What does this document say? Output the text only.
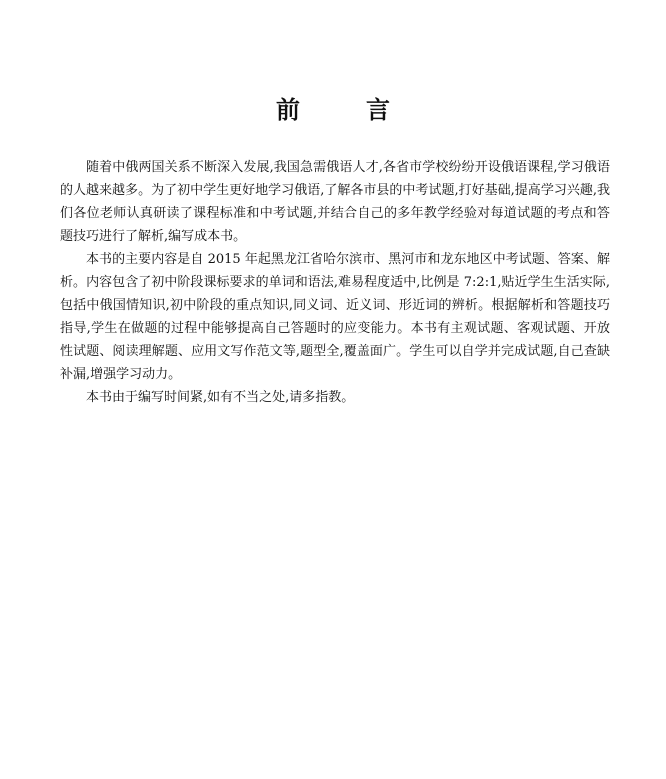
前	言

随着中俄两国关系不断深入发展,我国急需俄语人才,各省市学校纷纷开设俄语课程,学习俄语的人越来越多。为了初中学生更好地学习俄语,了解各市县的中考试题,打好基础,提高学习兴趣,我们各位老师认真研读了课程标准和中考试题,并结合自己的多年教学经验对每道试题的考点和答题技巧进行了解析,编写成本书。

本书的主要内容是自 2015 年起黑龙江省哈尔滨市、黑河市和龙东地区中考试题、答案、解析。内容包含了初中阶段课标要求的单词和语法,难易程度适中,比例是 7:2:1,贴近学生生活实际,包括中俄国情知识,初中阶段的重点知识,同义词、近义词、形近词的辨析。根据解析和答题技巧指导,学生在做题的过程中能够提高自己答题时的应变能力。本书有主观试题、客观试题、开放性试题、阅读理解题、应用文写作范文等,题型全,覆盖面广。学生可以自学并完成试题,自己查缺补漏,增强学习动力。

本书由于编写时间紧,如有不当之处,请多指教。
